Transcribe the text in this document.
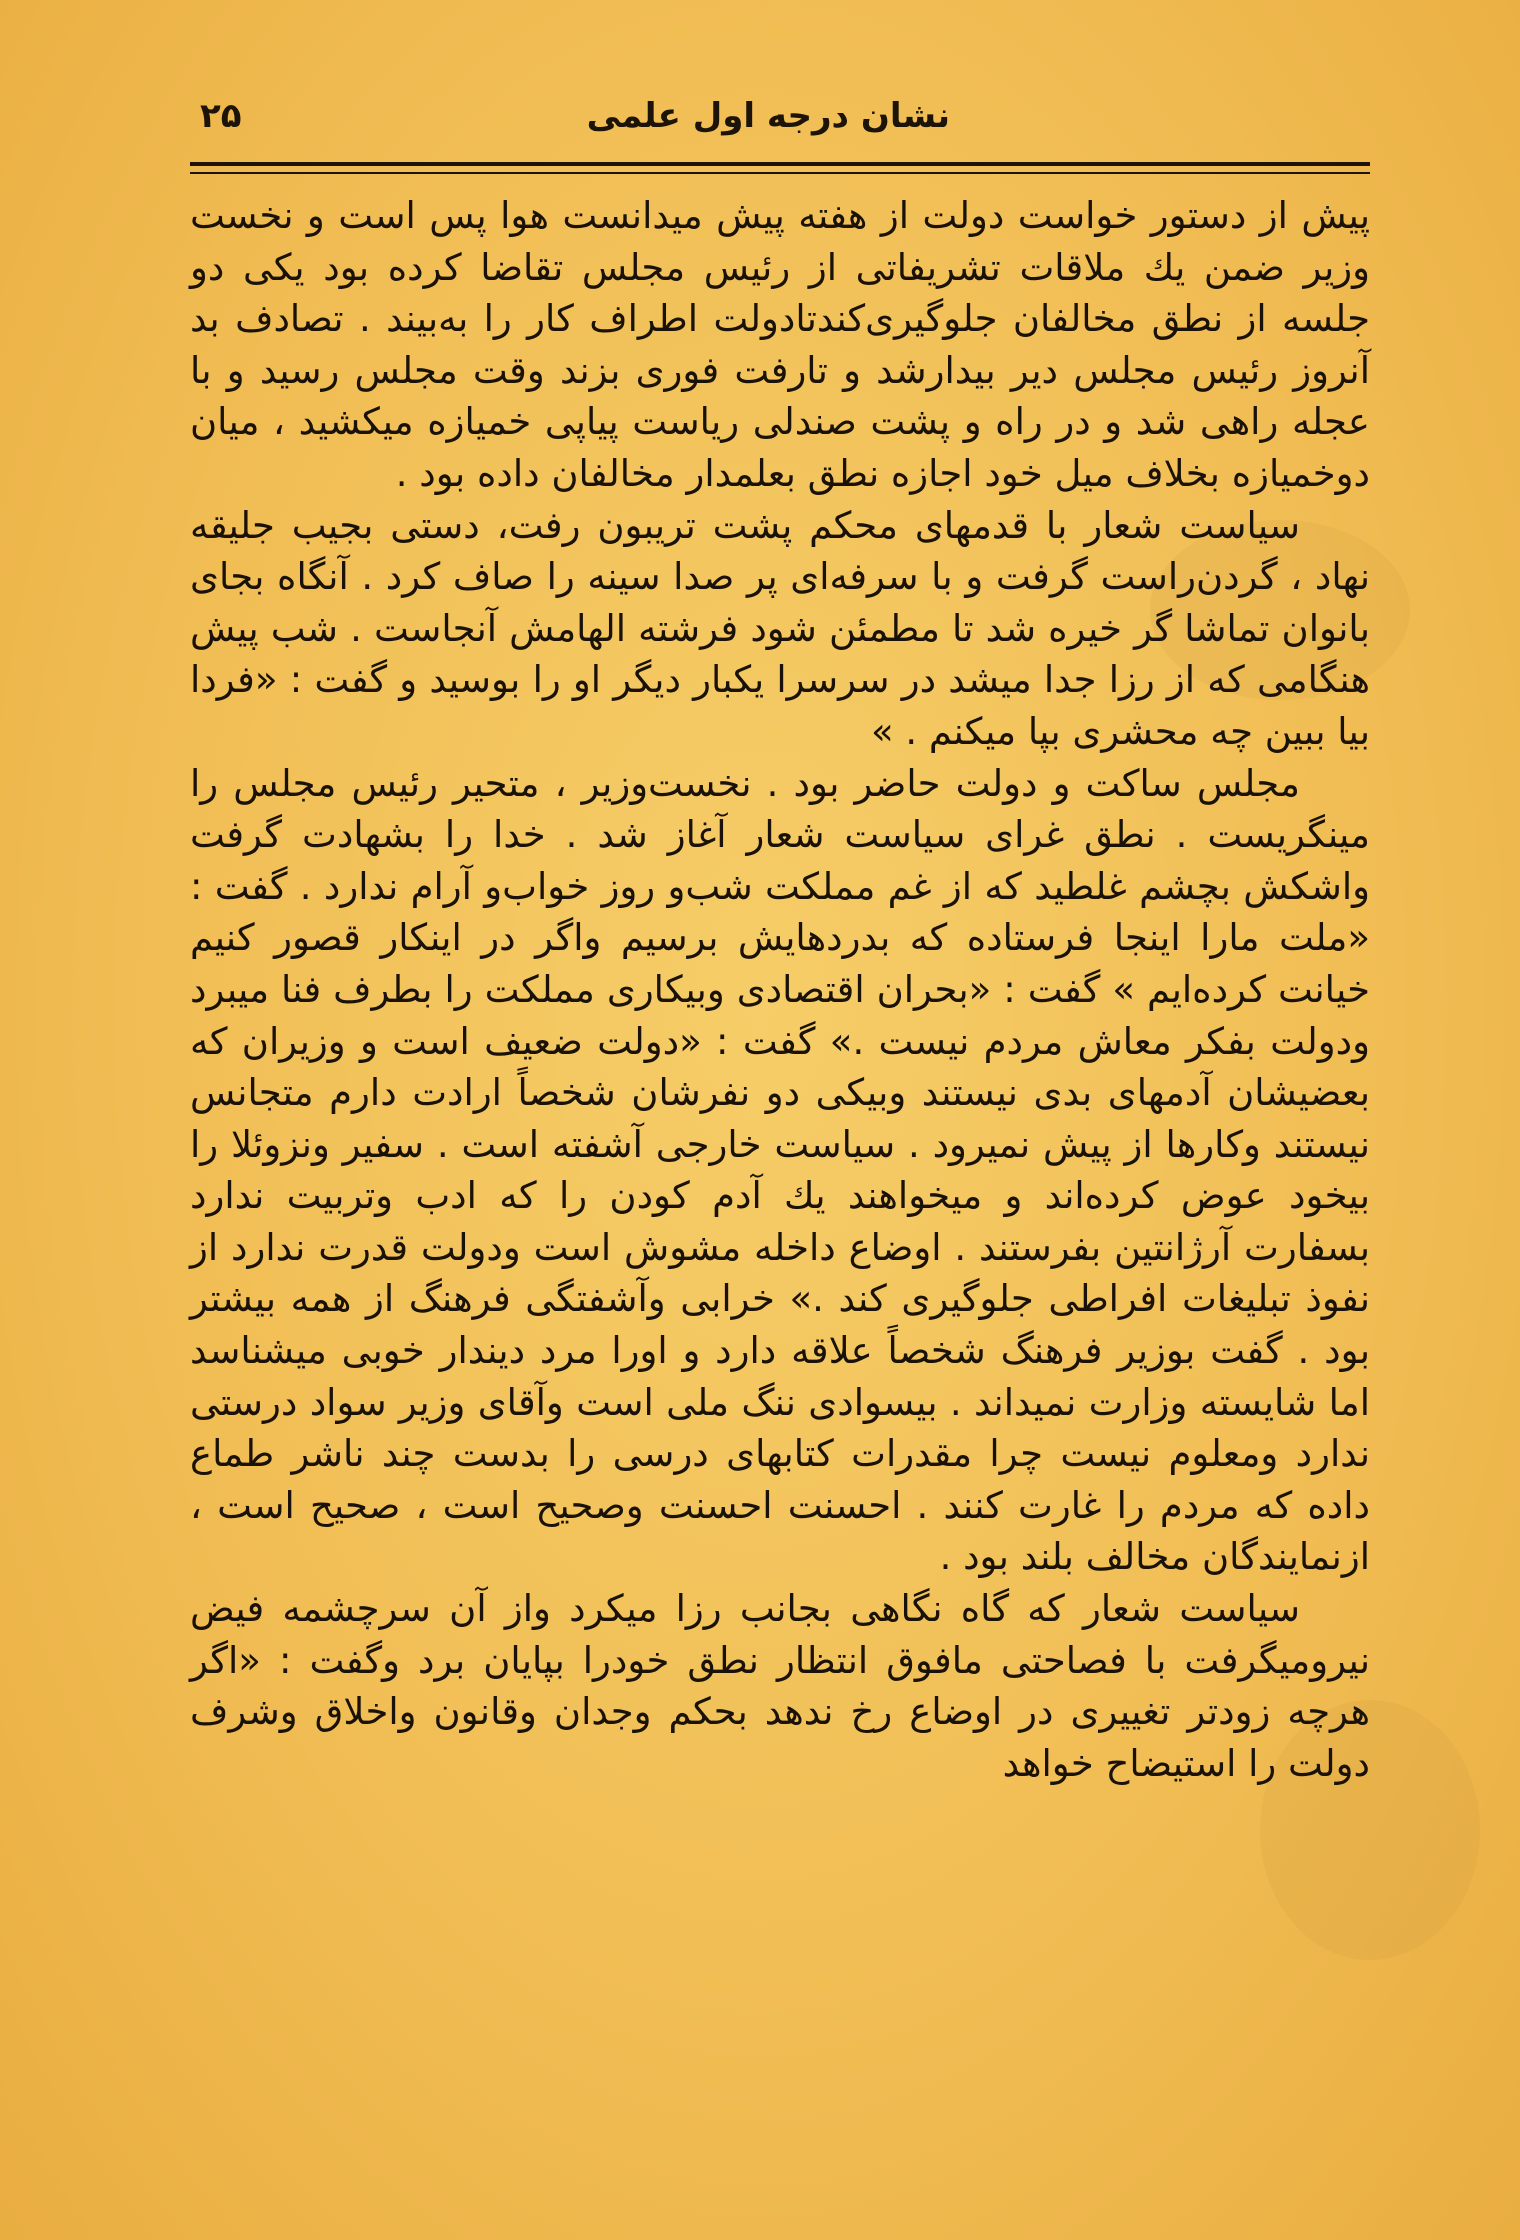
نشان درجه اول علمی
۲۵

پیش از دستور خواست دولت از هفته پیش میدانست هوا پس است و نخست وزیر ضمن یك ملاقات تشریفاتی از رئیس مجلس تقاضا کرده بود یکی دو جلسه از نطق مخالفان جلوگیری‌کندتادولت اطراف کار را به‌بیند . تصادف بد آنروز رئیس مجلس دیر بیدارشد و تارفت فوری بزند وقت مجلس رسید و با عجله راهی شد و در راه و پشت صندلی ریاست پیاپی خمیازه میکشید ، میان دوخمیازه بخلاف میل خود اجازه نطق بعلمدار مخالفان داده بود .

سیاست شعار با قدمهای محکم پشت تریبون رفت، دستی بجیب جلیقه نهاد ، گردن‌راست گرفت و با سرفه‌ای پر صدا سینه را صاف کرد . آنگاه بجای بانوان تماشا گر خیره شد تا مطمئن شود فرشته الهامش آنجاست . شب پیش هنگامی که از رزا جدا میشد در سرسرا یکبار دیگر او را بوسید و گفت : «فردا بیا ببین چه محشری بپا میکنم . »

مجلس ساکت و دولت حاضر بود . نخست‌وزیر ، متحیر رئیس مجلس را مینگریست . نطق غرای سیاست شعار آغاز شد . خدا را بشهادت گرفت واشکش بچشم غلطید که از غم مملکت شب‌و روز خواب‌و آرام ندارد . گفت : «ملت مارا اینجا فرستاده که بدردهایش برسیم واگر در اینکار قصور کنیم خیانت کرده‌ایم » گفت : «بحران اقتصادی وبیکاری مملکت را بطرف فنا میبرد ودولت بفکر معاش مردم نیست .» گفت : «دولت ضعیف است و وزیران که بعضیشان آدمهای بدی نیستند وبیکی دو نفرشان شخصاً ارادت دارم متجانس نیستند وکارها از پیش نمیرود . سیاست خارجی آشفته است . سفیر ونزوئلا را بیخود عوض کرده‌اند و میخواهند یك آدم کودن را که ادب وتربیت ندارد بسفارت آرژانتین بفرستند . اوضاع داخله مشوش است ودولت قدرت ندارد از نفوذ تبلیغات افراطی جلوگیری کند .» خرابی وآشفتگی فرهنگ از همه بیشتر بود . گفت بوزیر فرهنگ شخصاً علاقه دارد و اورا مرد دیندار خوبی میشناسد اما شایسته وزارت نمیداند . بیسوادی ننگ ملی است وآقای وزیر سواد درستی ندارد ومعلوم نیست چرا مقدرات کتابهای درسی را بدست چند ناشر طماع داده که مردم را غارت کنند . احسنت احسنت وصحیح است ، صحیح است ، ازنمایندگان مخالف بلند بود .

سیاست شعار که گاه نگاهی بجانب رزا میکرد واز آن سرچشمه فیض نیرومیگرفت با فصاحتی مافوق انتظار نطق خودرا بپایان برد وگفت : «اگر هرچه زودتر تغییری در اوضاع رخ ندهد بحکم وجدان وقانون واخلاق وشرف دولت را استیضاح خواهد
